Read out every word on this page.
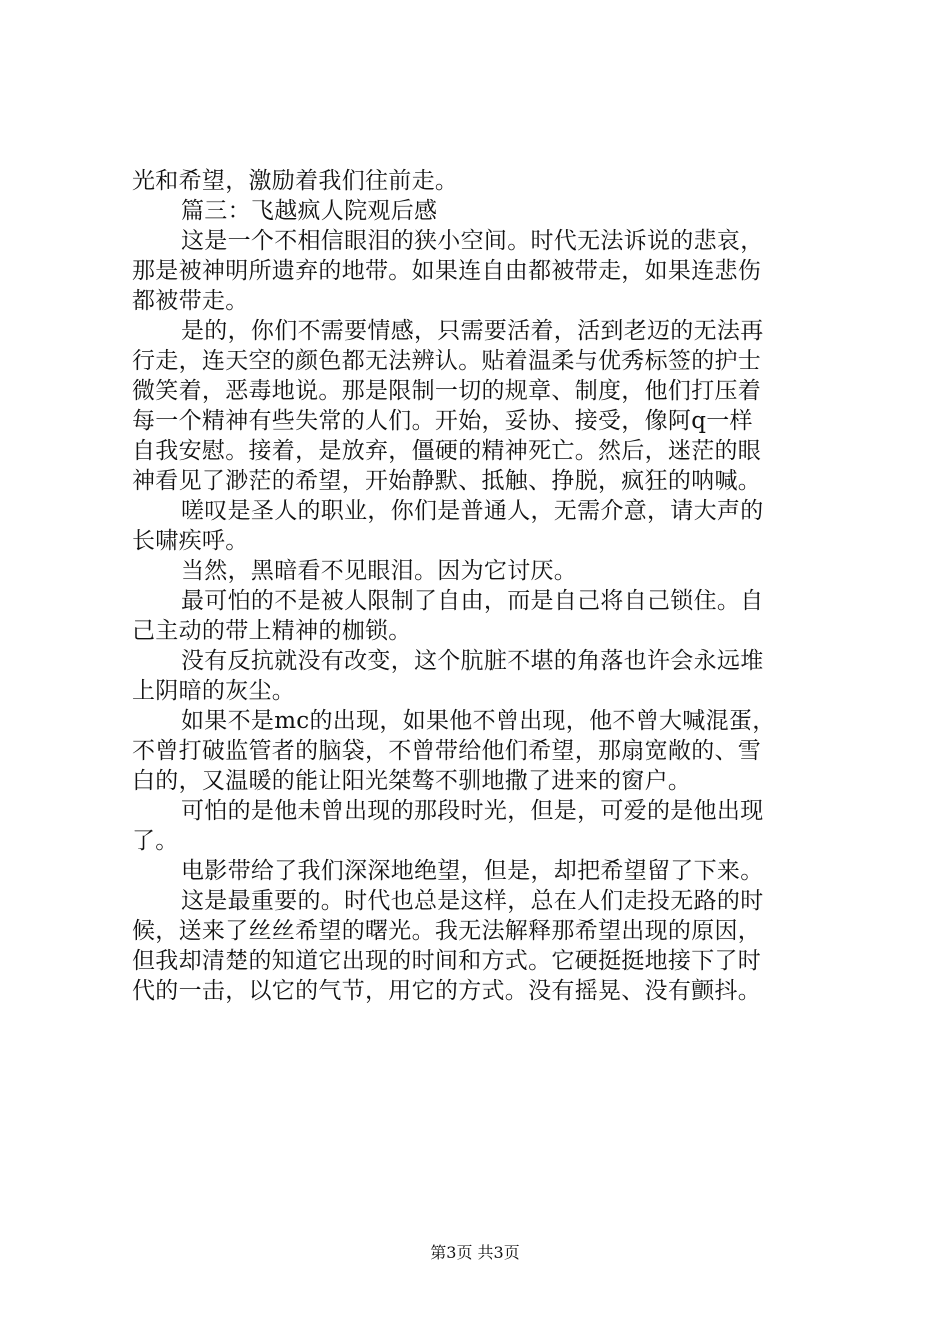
光和希望，激励着我们往前走。
篇三：飞越疯人院观后感
这是一个不相信眼泪的狭小空间。时代无法诉说的悲哀，
那是被神明所遗弃的地带。如果连自由都被带走，如果连悲伤
都被带走。
是的，你们不需要情感，只需要活着，活到老迈的无法再
行走，连天空的颜色都无法辨认。贴着温柔与优秀标签的护士
微笑着，恶毒地说。那是限制一切的规章、制度，他们打压着
每一个精神有些失常的人们。开始，妥协、接受，像阿q一样
自我安慰。接着，是放弃，僵硬的精神死亡。然后，迷茫的眼
神看见了渺茫的希望，开始静默、抵触、挣脱，疯狂的呐喊。
嗟叹是圣人的职业，你们是普通人，无需介意，请大声的
长啸疾呼。
当然，黑暗看不见眼泪。因为它讨厌。
最可怕的不是被人限制了自由，而是自己将自己锁住。自
己主动的带上精神的枷锁。
没有反抗就没有改变，这个肮脏不堪的角落也许会永远堆
上阴暗的灰尘。
如果不是mc的出现，如果他不曾出现，他不曾大喊混蛋，
不曾打破监管者的脑袋，不曾带给他们希望，那扇宽敞的、雪
白的，又温暖的能让阳光桀骜不驯地撒了进来的窗户。
可怕的是他未曾出现的那段时光，但是，可爱的是他出现
了。
电影带给了我们深深地绝望，但是，却把希望留了下来。
这是最重要的。时代也总是这样，总在人们走投无路的时
候，送来了丝丝希望的曙光。我无法解释那希望出现的原因，
但我却清楚的知道它出现的时间和方式。它硬挺挺地接下了时
代的一击，以它的气节，用它的方式。没有摇晃、没有颤抖。
第3页 共3页
